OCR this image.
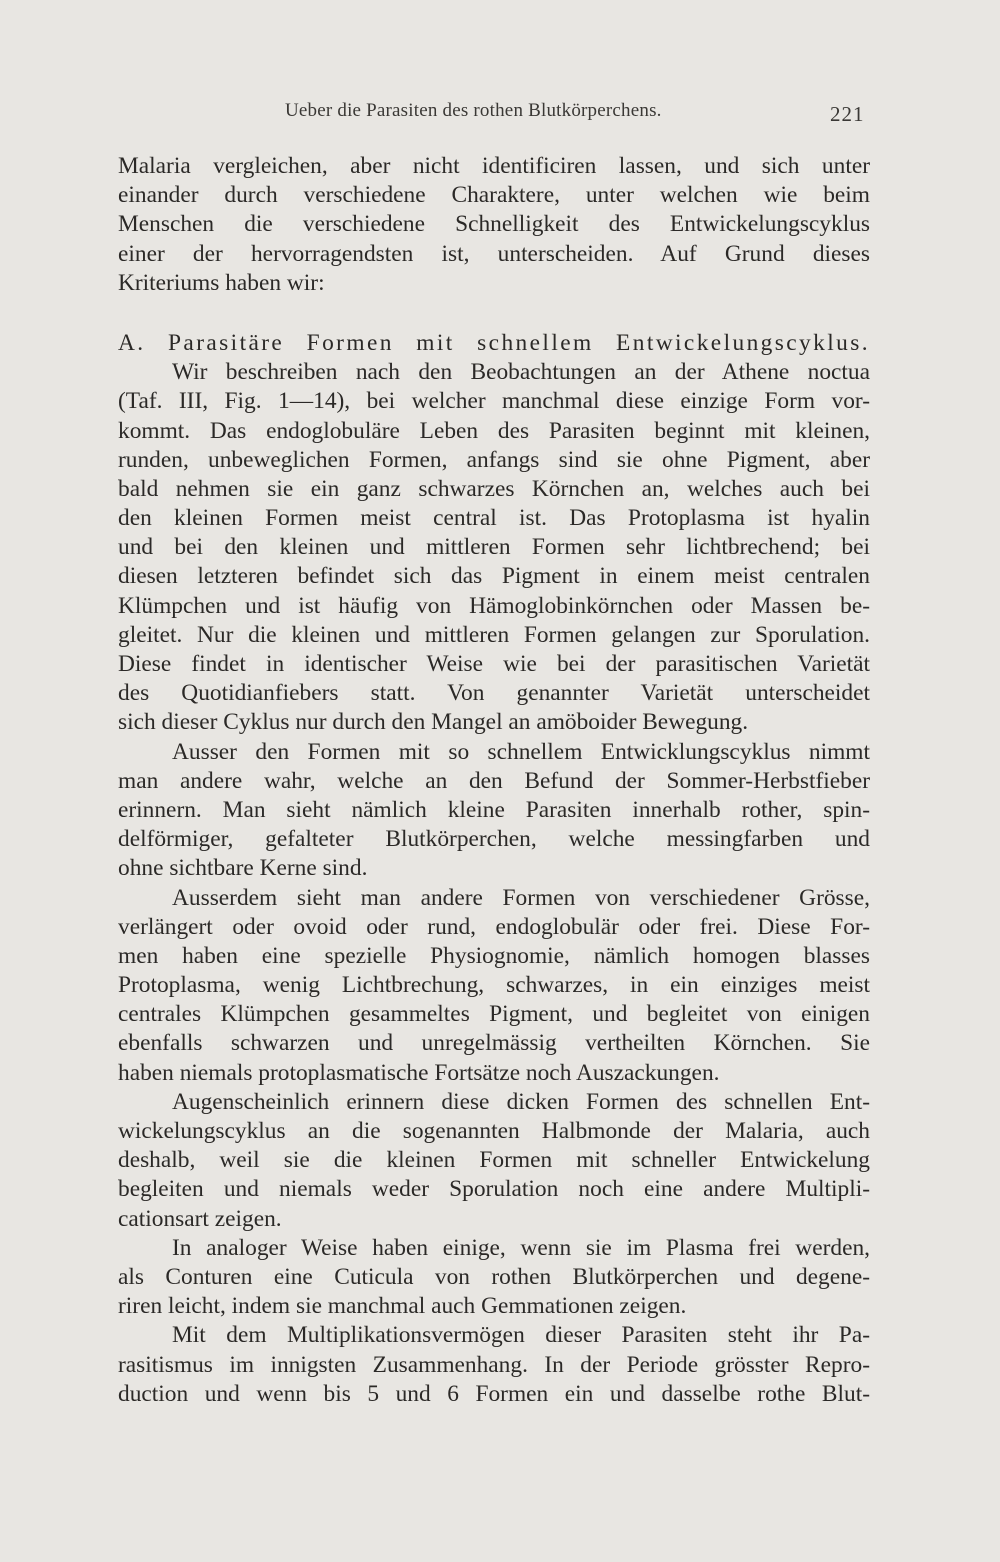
Ueber die Parasiten des rothen Blutkörperchens.	221
Malaria vergleichen, aber nicht identificiren lassen, und sich unter
einander durch verschiedene Charaktere, unter welchen wie beim
Menschen die verschiedene Schnelligkeit des Entwickelungscyklus
einer der hervorragendsten ist, unterscheiden. Auf Grund dieses
Kriteriums haben wir:
A. Parasitäre Formen mit schnellem Entwickelungscyklus.
Wir beschreiben nach den Beobachtungen an der Athene noctua
(Taf. III, Fig. 1—14), bei welcher manchmal diese einzige Form vor-
kommt. Das endoglobuläre Leben des Parasiten beginnt mit kleinen,
runden, unbeweglichen Formen, anfangs sind sie ohne Pigment, aber
bald nehmen sie ein ganz schwarzes Körnchen an, welches auch bei
den kleinen Formen meist central ist. Das Protoplasma ist hyalin
und bei den kleinen und mittleren Formen sehr lichtbrechend; bei
diesen letzteren befindet sich das Pigment in einem meist centralen
Klümpchen und ist häufig von Hämoglobinkörnchen oder Massen be-
gleitet. Nur die kleinen und mittleren Formen gelangen zur Sporulation.
Diese findet in identischer Weise wie bei der parasitischen Varietät
des Quotidianfiebers statt. Von genannter Varietät unterscheidet
sich dieser Cyklus nur durch den Mangel an amöboider Bewegung.
Ausser den Formen mit so schnellem Entwicklungscyklus nimmt
man andere wahr, welche an den Befund der Sommer-Herbstfieber
erinnern. Man sieht nämlich kleine Parasiten innerhalb rother, spin-
delförmiger, gefalteter Blutkörperchen, welche messingfarben und
ohne sichtbare Kerne sind.
Ausserdem sieht man andere Formen von verschiedener Grösse,
verlängert oder ovoid oder rund, endoglobulär oder frei. Diese For-
men haben eine spezielle Physiognomie, nämlich homogen blasses
Protoplasma, wenig Lichtbrechung, schwarzes, in ein einziges meist
centrales Klümpchen gesammeltes Pigment, und begleitet von einigen
ebenfalls schwarzen und unregelmässig vertheilten Körnchen. Sie
haben niemals protoplasmatische Fortsätze noch Auszackungen.
Augenscheinlich erinnern diese dicken Formen des schnellen Ent-
wickelungscyklus an die sogenannten Halbmonde der Malaria, auch
deshalb, weil sie die kleinen Formen mit schneller Entwickelung
begleiten und niemals weder Sporulation noch eine andere Multipli-
cationsart zeigen.
In analoger Weise haben einige, wenn sie im Plasma frei werden,
als Conturen eine Cuticula von rothen Blutkörperchen und degene-
riren leicht, indem sie manchmal auch Gemmationen zeigen.
Mit dem Multiplikationsvermögen dieser Parasiten steht ihr Pa-
rasitismus im innigsten Zusammenhang. In der Periode grösster Repro-
duction und wenn bis 5 und 6 Formen ein und dasselbe rothe Blut-
